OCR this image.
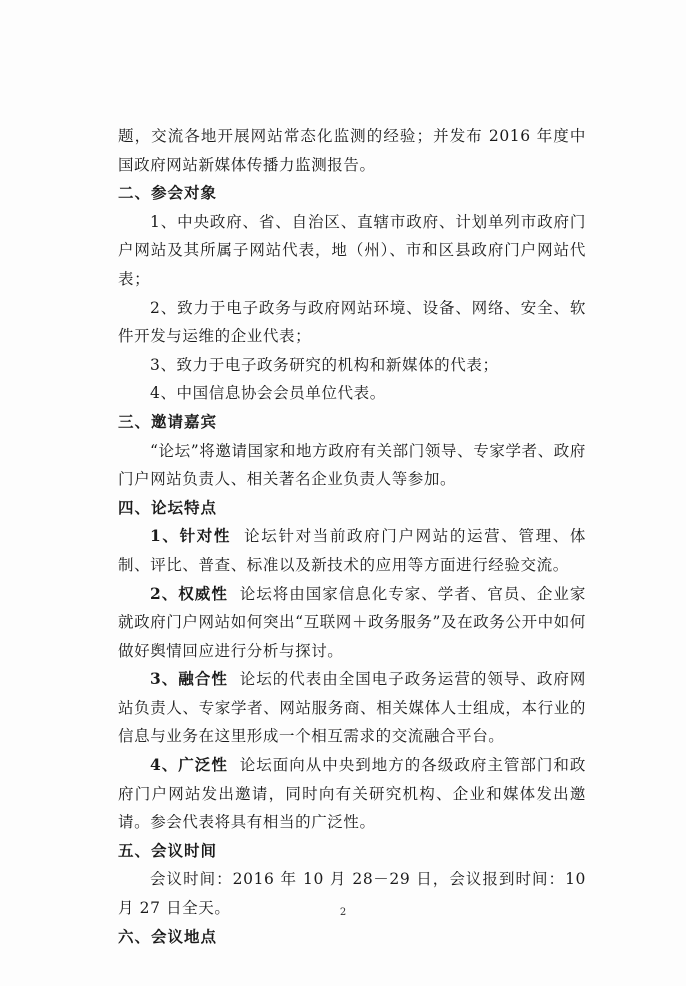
题，交流各地开展网站常态化监测的经验；并发布 2016 年度中国政府网站新媒体传播力监测报告。

二、参会对象

1、中央政府、省、自治区、直辖市政府、计划单列市政府门户网站及其所属子网站代表，地（州）、市和区县政府门户网站代表；

2、致力于电子政务与政府网站环境、设备、网络、安全、软件开发与运维的企业代表；

3、致力于电子政务研究的机构和新媒体的代表；

4、中国信息协会会员单位代表。

三、邀请嘉宾

“论坛”将邀请国家和地方政府有关部门领导、专家学者、政府门户网站负责人、相关著名企业负责人等参加。

四、论坛特点

1、针对性 论坛针对当前政府门户网站的运营、管理、体制、评比、普查、标准以及新技术的应用等方面进行经验交流。

2、权威性 论坛将由国家信息化专家、学者、官员、企业家就政府门户网站如何突出“互联网＋政务服务”及在政务公开中如何做好舆情回应进行分析与探讨。

3、融合性 论坛的代表由全国电子政务运营的领导、政府网站负责人、专家学者、网站服务商、相关媒体人士组成，本行业的信息与业务在这里形成一个相互需求的交流融合平台。

4、广泛性 论坛面向从中央到地方的各级政府主管部门和政府门户网站发出邀请，同时向有关研究机构、企业和媒体发出邀请。参会代表将具有相当的广泛性。

五、会议时间

会议时间：2016 年 10 月 28－29 日，会议报到时间：10 月 27 日全天。

六、会议地点
2
